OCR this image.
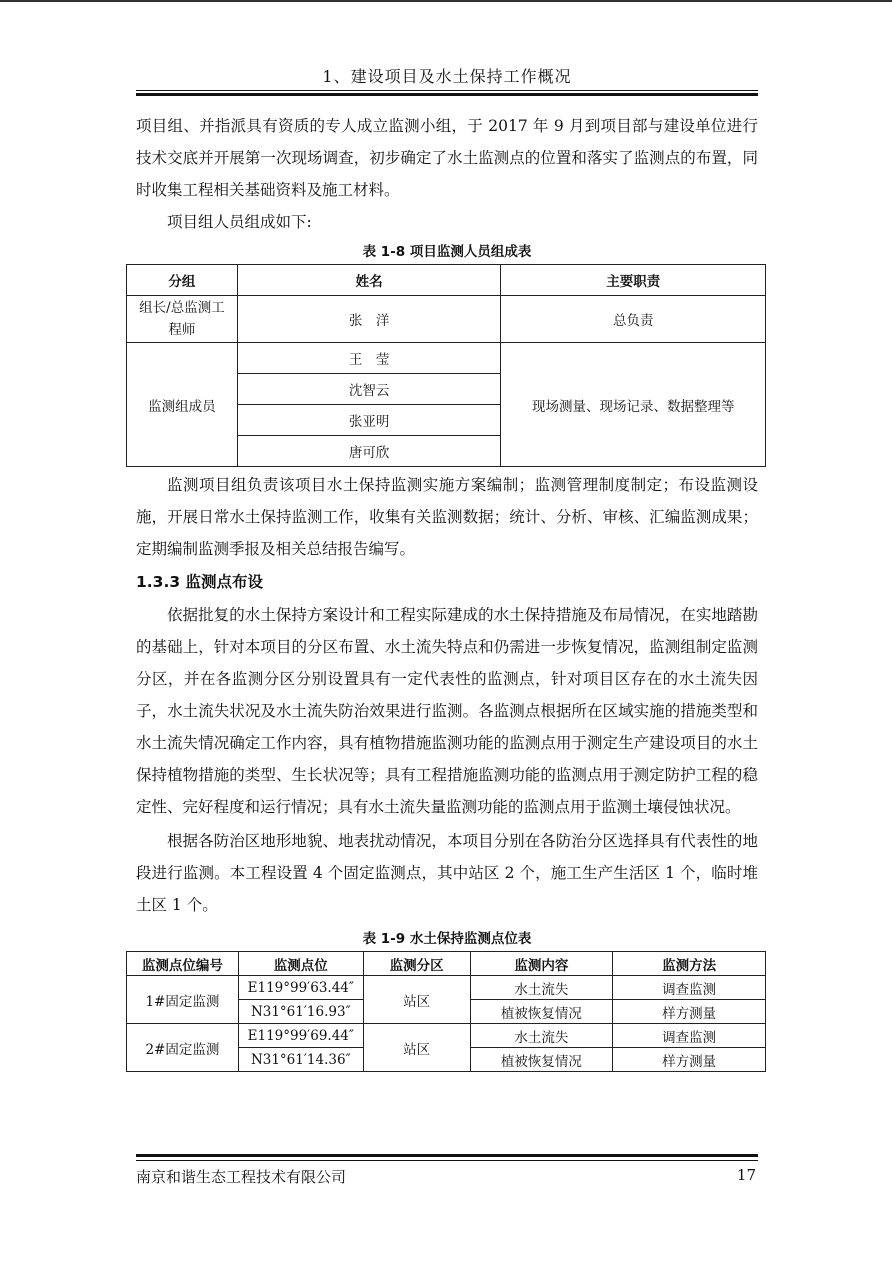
1、建设项目及水土保持工作概况

项目组、并指派具有资质的专人成立监测小组，于 2017 年 9 月到项目部与建设单位进行技术交底并开展第一次现场调查，初步确定了水土监测点的位置和落实了监测点的布置，同时收集工程相关基础资料及施工材料。

项目组人员组成如下:

表 1-8 项目监测人员组成表
分组	姓名	主要职责
组长/总监测工程师	张　洋	总负责
监测组成员	王　莹	现场测量、现场记录、数据整理等
	沈智云	
	张亚明	
	唐可欣	

监测项目组负责该项目水土保持监测实施方案编制；监测管理制度制定；布设监测设施，开展日常水土保持监测工作，收集有关监测数据；统计、分析、审核、汇编监测成果；定期编制监测季报及相关总结报告编写。

1.3.3 监测点布设

依据批复的水土保持方案设计和工程实际建成的水土保持措施及布局情况，在实地踏勘的基础上，针对本项目的分区布置、水土流失特点和仍需进一步恢复情况，监测组制定监测分区，并在各监测分区分别设置具有一定代表性的监测点，针对项目区存在的水土流失因子，水土流失状况及水土流失防治效果进行监测。各监测点根据所在区域实施的措施类型和水土流失情况确定工作内容，具有植物措施监测功能的监测点用于测定生产建设项目的水土保持植物措施的类型、生长状况等；具有工程措施监测功能的监测点用于测定防护工程的稳定性、完好程度和运行情况；具有水土流失量监测功能的监测点用于监测土壤侵蚀状况。

根据各防治区地形地貌、地表扰动情况，本项目分别在各防治分区选择具有代表性的地段进行监测。本工程设置 4 个固定监测点，其中站区 2 个，施工生产生活区 1 个，临时堆土区 1 个。

表 1-9 水土保持监测点位表
监测点位编号	监测点位	监测分区	监测内容	监测方法
1#固定监测	E119°99′63.44″	站区	水土流失	调查监测
	N31°61′16.93″		植被恢复情况	样方测量
2#固定监测	E119°99′69.44″	站区	水土流失	调查监测
	N31°61′14.36″		植被恢复情况	样方测量
南京和谐生态工程技术有限公司	17
